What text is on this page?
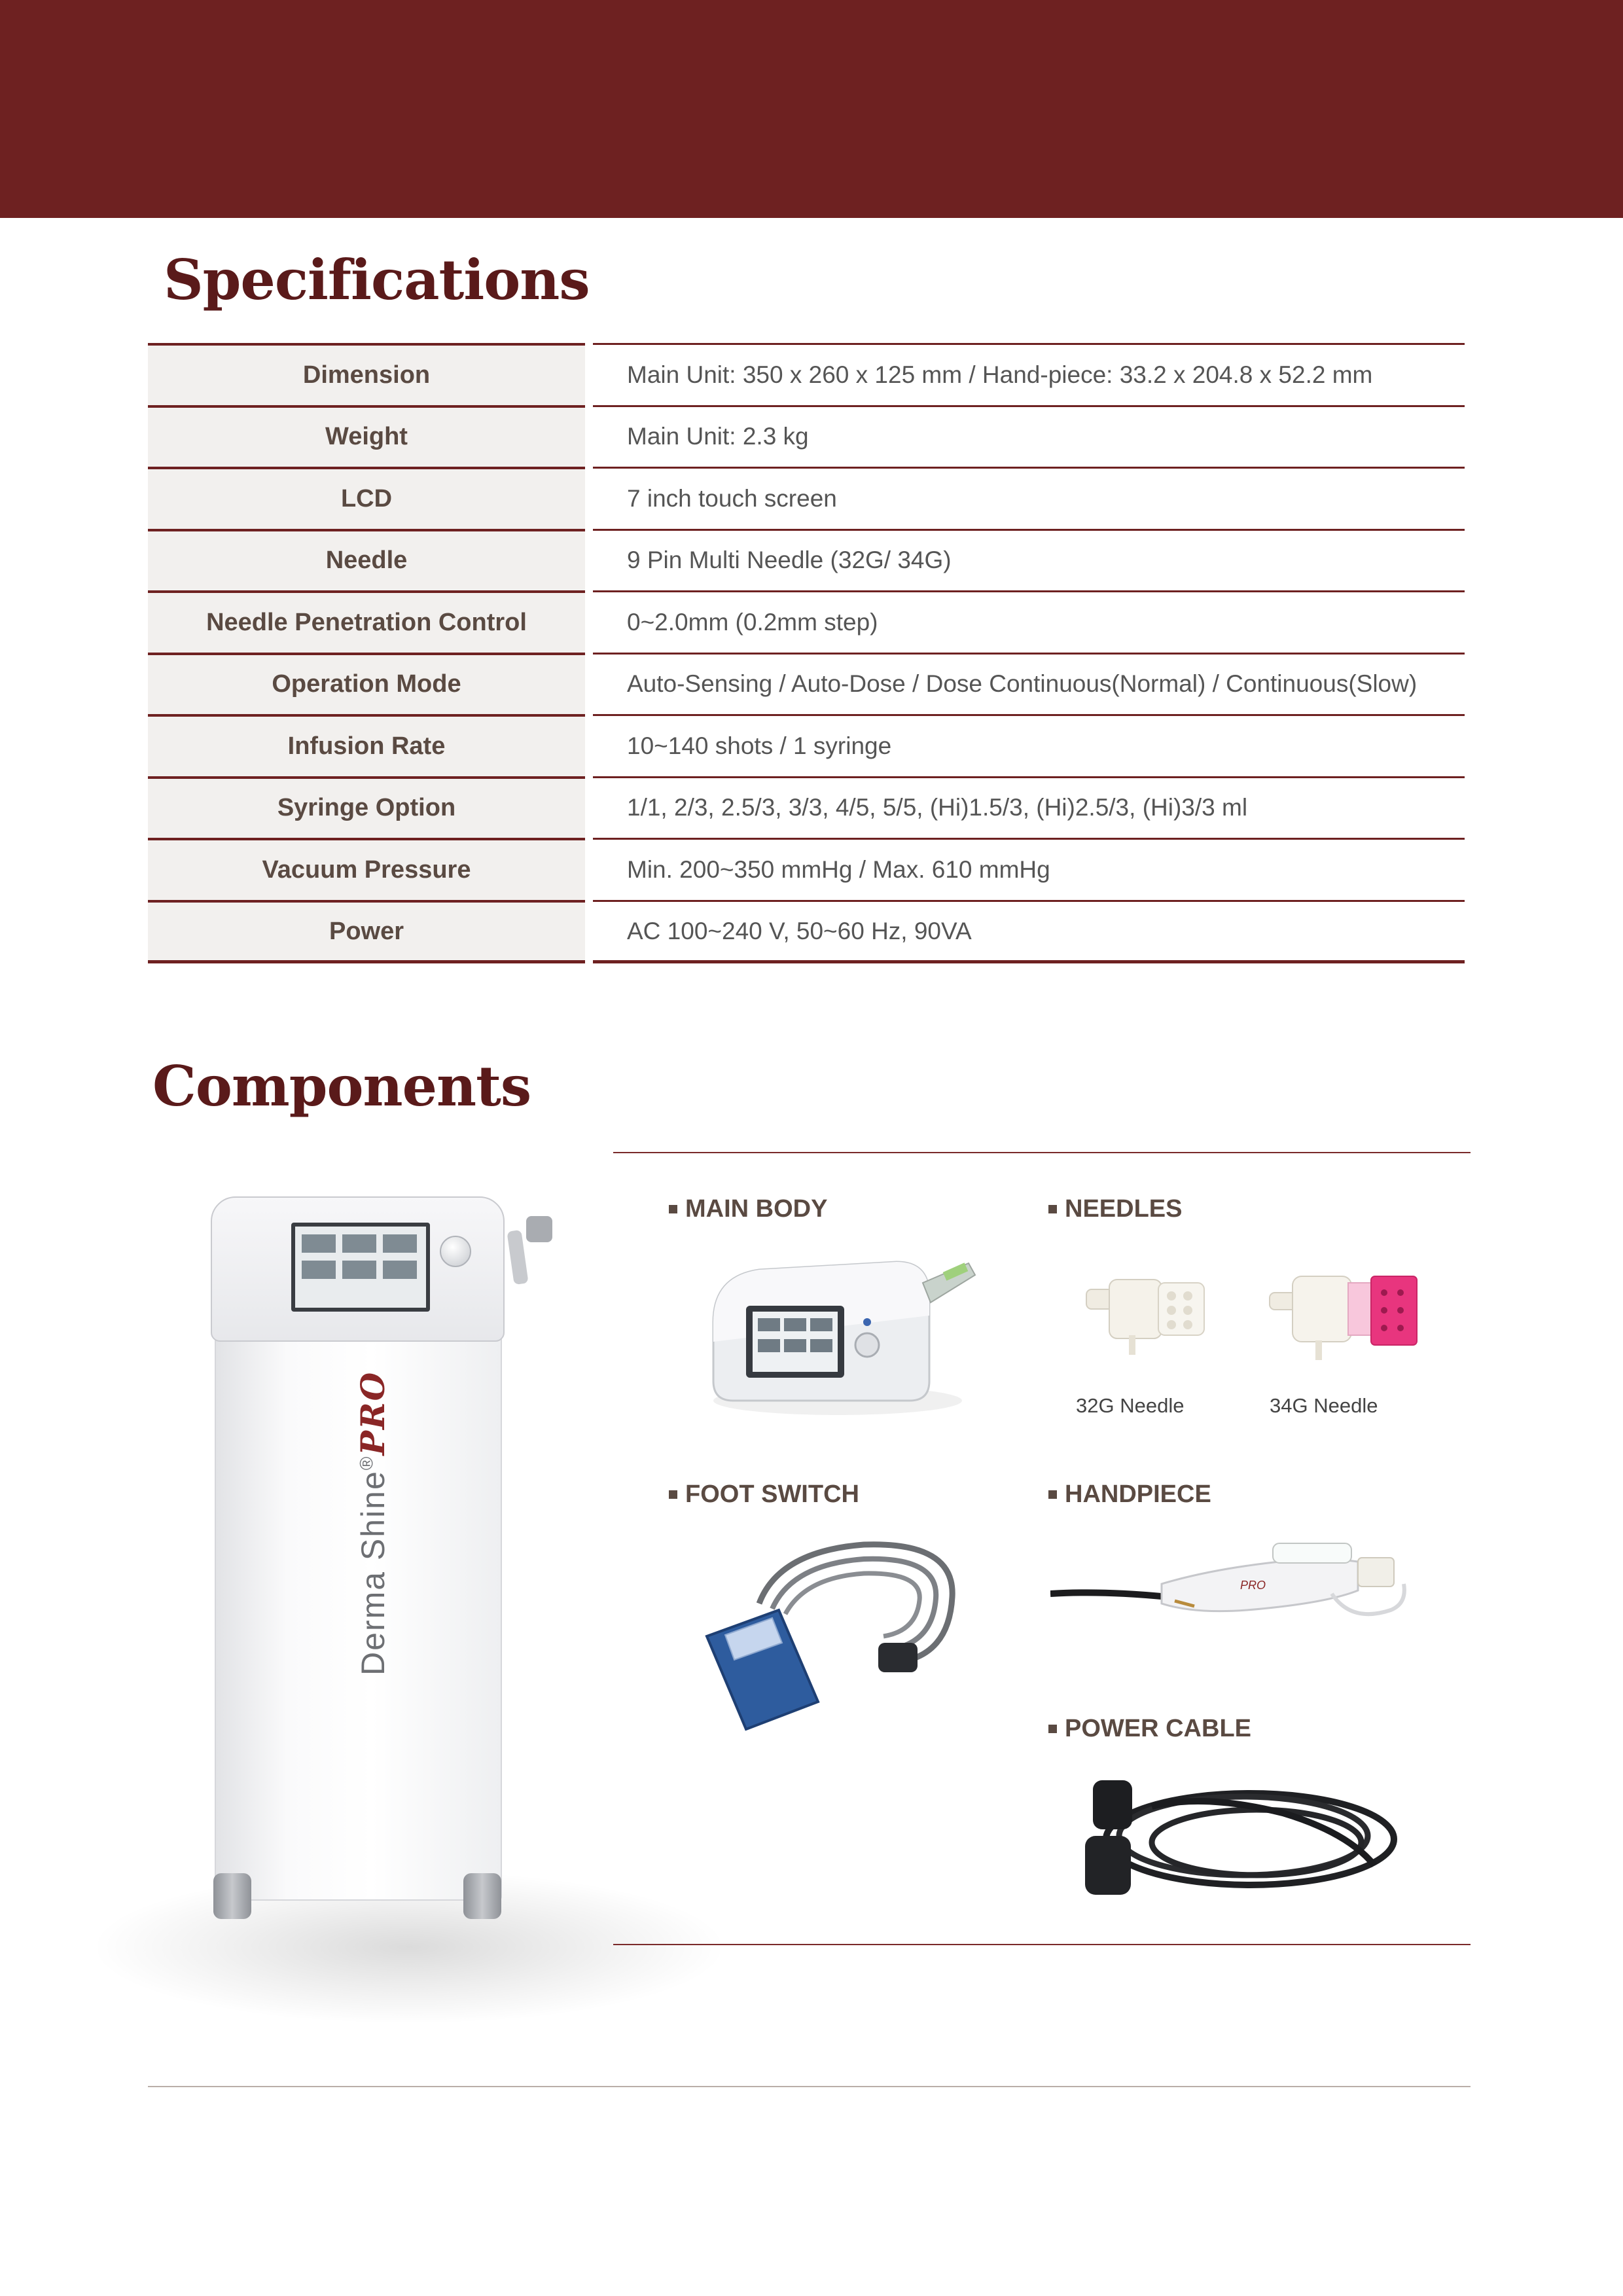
Specifications
Dimension	Main Unit: 350 x 260 x 125 mm / Hand-piece: 33.2 x 204.8 x 52.2 mm
Weight	Main Unit: 2.3 kg
LCD	7 inch touch screen
Needle	9 Pin Multi Needle (32G/ 34G)
Needle Penetration Control	0~2.0mm (0.2mm step)
Operation Mode	Auto-Sensing / Auto-Dose / Dose Continuous(Normal) / Continuous(Slow)
Infusion Rate	10~140 shots / 1 syringe
Syringe Option	1/1, 2/3, 2.5/3, 3/3, 4/5, 5/5, (Hi)1.5/3, (Hi)2.5/3, (Hi)3/3 ml
Vacuum Pressure	Min. 200~350 mmHg / Max. 610 mmHg
Power	AC 100~240 V, 50~60 Hz, 90VA
Components
Derma Shine®PRO
MAIN BODY	NEEDLES
FOOT SWITCH	HANDPIECE
POWER CABLE
32G Needle	34G Needle
PRO
